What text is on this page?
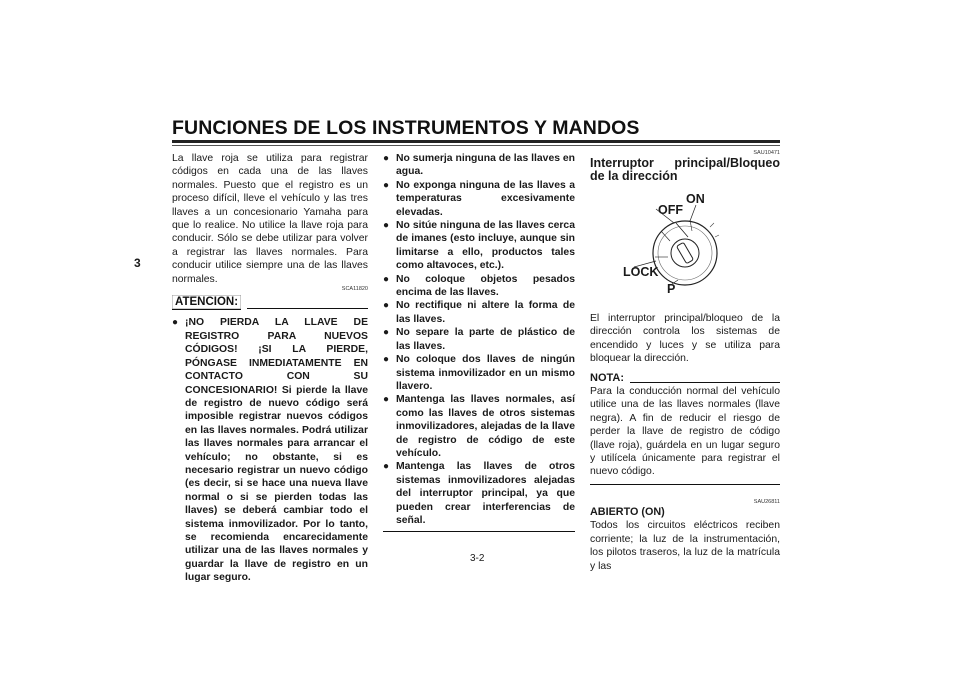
FUNCIONES DE LOS INSTRUMENTOS Y MANDOS
3

La llave roja se utiliza para registrar códigos en cada una de las llaves normales. Puesto que el registro es un proceso difícil, lleve el vehículo y las tres llaves a un concesionario Yamaha para que lo realice. No utilice la llave roja para conducir. Sólo se debe utilizar para volver a registrar las llaves normales. Para conducir utilice siempre una de las llaves normales.

SCA11820
ATENCION:
● ¡NO PIERDA LA LLAVE DE REGISTRO PARA NUEVOS CÓDIGOS! ¡SI LA PIERDE, PÓNGASE INMEDIATAMENTE EN CONTACTO CON SU CONCESIONARIO! Si pierde la llave de registro de nuevo código será imposible registrar nuevos códigos en las llaves normales. Podrá utilizar las llaves normales para arrancar el vehículo; no obstante, si es necesario registrar un nuevo código (es decir, si se hace una nueva llave normal o si se pierden todas las llaves) se deberá cambiar todo el sistema inmovilizador. Por lo tanto, se recomienda encarecidamente utilizar una de las llaves normales y guardar la llave de registro en un lugar seguro.
● No sumerja ninguna de las llaves en agua.
● No exponga ninguna de las llaves a temperaturas excesivamente elevadas.
● No sitúe ninguna de las llaves cerca de imanes (esto incluye, aunque sin limitarse a ello, productos tales como altavoces, etc.).
● No coloque objetos pesados encima de las llaves.
● No rectifique ni altere la forma de las llaves.
● No separe la parte de plástico de las llaves.
● No coloque dos llaves de ningún sistema inmovilizador en un mismo llavero.
● Mantenga las llaves normales, así como las llaves de otros sistemas inmovilizadores, alejadas de la llave de registro de código de este vehículo.
● Mantenga las llaves de otros sistemas inmovilizadores alejadas del interruptor principal, ya que pueden crear interferencias de señal.
SAU10471
Interruptor principal/Bloqueo de la dirección
ON
OFF
LOCK
P

El interruptor principal/bloqueo de la dirección controla los sistemas de encendido y luces y se utiliza para bloquear la dirección.

NOTA:

Para la conducción normal del vehículo utilice una de las llaves normales (llave negra). A fin de reducir el riesgo de perder la llave de registro de código (llave roja), guárdela en un lugar seguro y utilícela únicamente para registrar el nuevo código.

SAU26811
ABIERTO (ON)

Todos los circuitos eléctricos reciben corriente; la luz de la instrumentación, los pilotos traseros, la luz de la matrícula y las

3-2
